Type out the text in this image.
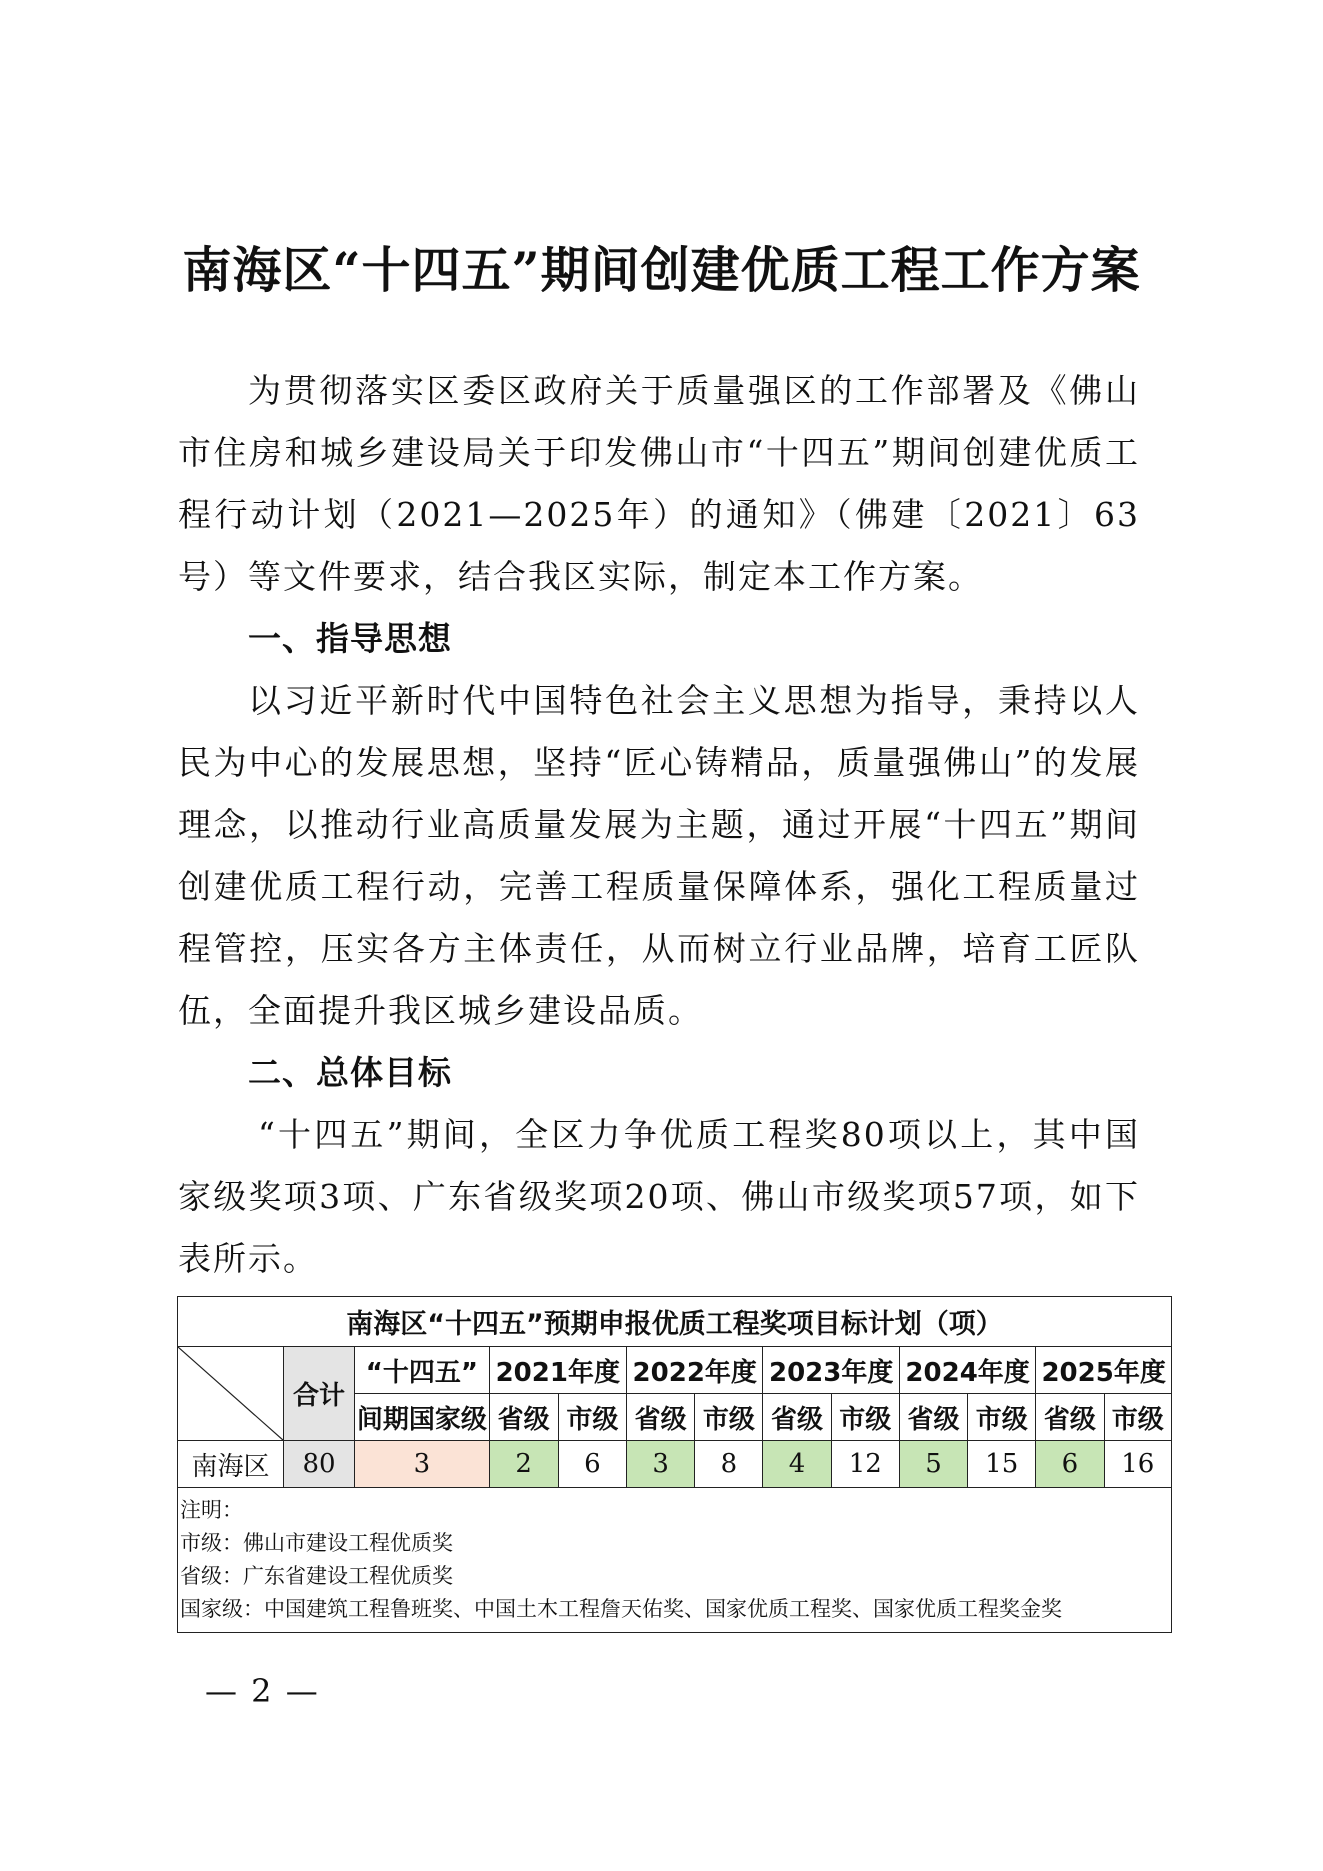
南海区“十四五”期间创建优质工程工作方案

为贯彻落实区委区政府关于质量强区的工作部署及《佛山市住房和城乡建设局关于印发佛山市“十四五”期间创建优质工程行动计划（2021—2025年）的通知》（佛建〔2021〕63号）等文件要求，结合我区实际，制定本工作方案。

一、指导思想

以习近平新时代中国特色社会主义思想为指导，秉持以人民为中心的发展思想，坚持“匠心铸精品，质量强佛山”的发展理念，以推动行业高质量发展为主题，通过开展“十四五”期间创建优质工程行动，完善工程质量保障体系，强化工程质量过程管控，压实各方主体责任，从而树立行业品牌，培育工匠队伍，全面提升我区城乡建设品质。

二、总体目标

“十四五”期间，全区力争优质工程奖80项以上，其中国家级奖项3项、广东省级奖项20项、佛山市级奖项57项，如下表所示。

南海区“十四五”预期申报优质工程奖项目标计划（项）												

	合计	“十四五”	2021年度		2022年度		2023年度		2024年度		2025年度	
		间期国家级	省级	市级	省级	市级	省级	市级	省级	市级	省级	市级
南海区	80	3	2	6	3	8	4	12	5	15	6	16

注明：
市级：佛山市建设工程优质奖
省级：广东省建设工程优质奖
国家级：中国建筑工程鲁班奖、中国土木工程詹天佑奖、国家优质工程奖、国家优质工程奖金奖												
— 2 —
